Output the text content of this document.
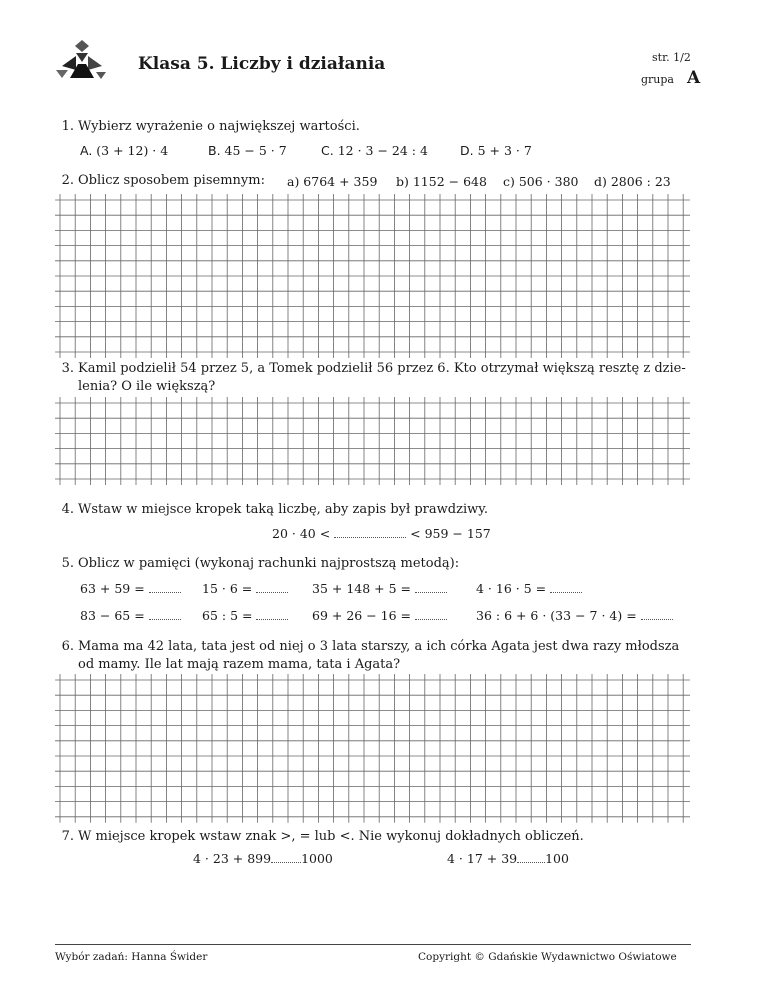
Klasa 5. Liczby i działania	str. 1/2
grupa A
1. Wybierz wyrażenie o największej wartości.
A. (3 + 12) · 4	B. 45 − 5 · 7	C. 12 · 3 − 24 : 4	D. 5 + 3 · 7
2. Oblicz sposobem pisemnym: a) 6764 + 359 b) 1152 − 648 c) 506 · 380 d) 2806 : 23
3. Kamil podzielił 54 przez 5, a Tomek podzielił 56 przez 6. Kto otrzymał większą resztę z dzie-
lenia? O ile większą?
4. Wstaw w miejsce kropek taką liczbę, aby zapis był prawdziwy.
20 · 40 <	< 959 − 157
5. Oblicz w pamięci (wykonaj rachunki najprostszą metodą):
63 + 59 =	15 · 6 =	35 + 148 + 5 =	4 · 16 · 5 =
83 − 65 =	65 : 5 =	69 + 26 − 16 =	36 : 6 + 6 · (33 − 7 · 4) =
6. Mama ma 42 lata, tata jest od niej o 3 lata starszy, a ich córka Agata jest dwa razy młodsza
od mamy. Ile lat mają razem mama, tata i Agata?
7. W miejsce kropek wstaw znak >, = lub <. Nie wykonuj dokładnych obliczeń.
4 · 23 + 899 1000	4 · 17 + 39 100
Wybór zadań: Hanna Świder	Copyright © Gdańskie Wydawnictwo Oświatowe
